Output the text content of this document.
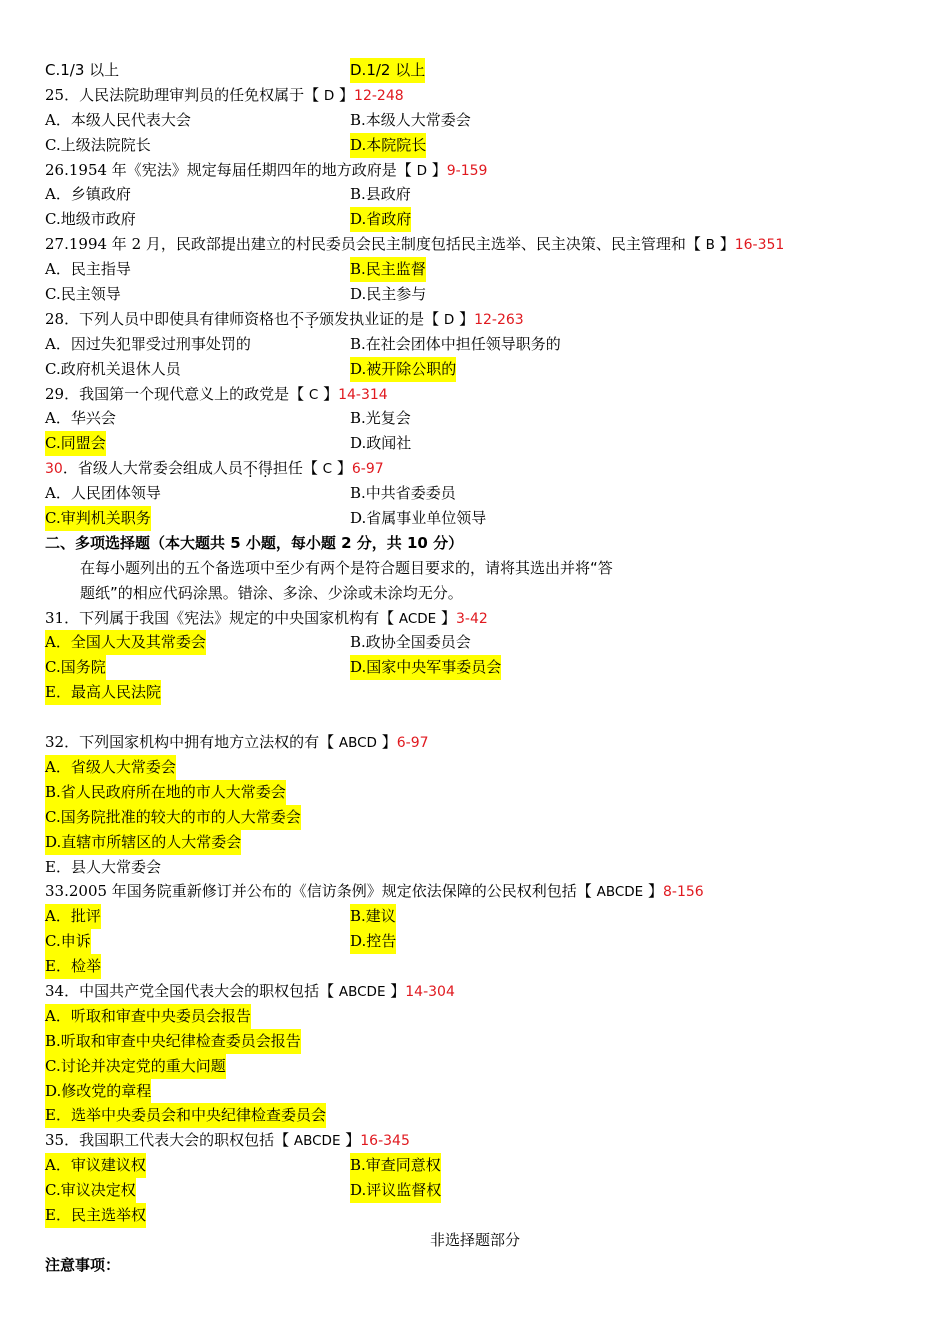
C.1/3 以上	D.1/2 以上
25．人民法院助理审判员的任免权属于【 D 】12-248
A．本级人民代表大会	B.本级人大常委会
C.上级法院院长	D.本院院长
26.1954 年《宪法》规定每届任期四年的地方政府是【 D 】9-159
A．乡镇政府	B.县政府
C.地级市政府	D.省政府
27.1994 年 2 月，民政部提出建立的村民委员会民主制度包括民主选举、民主决策、民主管理和【 B 】16-351
A．民主指导	B.民主监督
C.民主领导	D.民主参与
28．下列人员中即使具有律师资格也不予颁发执业证的是【 D 】12-263
A．因过失犯罪受过刑事处罚的	B.在社会团体中担任领导职务的
C.政府机关退休人员	D.被开除公职的
29．我国第一个现代意义上的政党是【 C 】14-314
A．华兴会	B.光复会
C.同盟会	D.政闻社
30．省级人大常委会组成人员不得担任【 C 】6-97
A．人民团体领导	B.中共省委委员
C.审判机关职务	D.省属事业单位领导
二、多项选择题（本大题共 5 小题，每小题 2 分，共 10 分）
在每小题列出的五个备选项中至少有两个是符合题目要求的，请将其选出并将“答
题纸”的相应代码涂黑。错涂、多涂、少涂或未涂均无分。
31．下列属于我国《宪法》规定的中央国家机构有【 ACDE 】3-42
A．全国人大及其常委会	B.政协全国委员会
C.国务院	D.国家中央军事委员会
E．最高人民法院
32．下列国家机构中拥有地方立法权的有【 ABCD 】6-97
A．省级人大常委会
B.省人民政府所在地的市人大常委会
C.国务院批准的较大的市的人大常委会
D.直辖市所辖区的人大常委会
E．县人大常委会
33.2005 年国务院重新修订并公布的《信访条例》规定依法保障的公民权利包括【 ABCDE 】8-156
A．批评	B.建议
C.申诉	D.控告
E．检举
34．中国共产党全国代表大会的职权包括【 ABCDE 】14-304
A．听取和审查中央委员会报告
B.听取和审查中央纪律检查委员会报告
C.讨论并决定党的重大问题
D.修改党的章程
E．选举中央委员会和中央纪律检查委员会
35．我国职工代表大会的职权包括【 ABCDE 】16-345
A．审议建议权	B.审查同意权
C.审议决定权	D.评议监督权
E．民主选举权
非选择题部分
注意事项：
